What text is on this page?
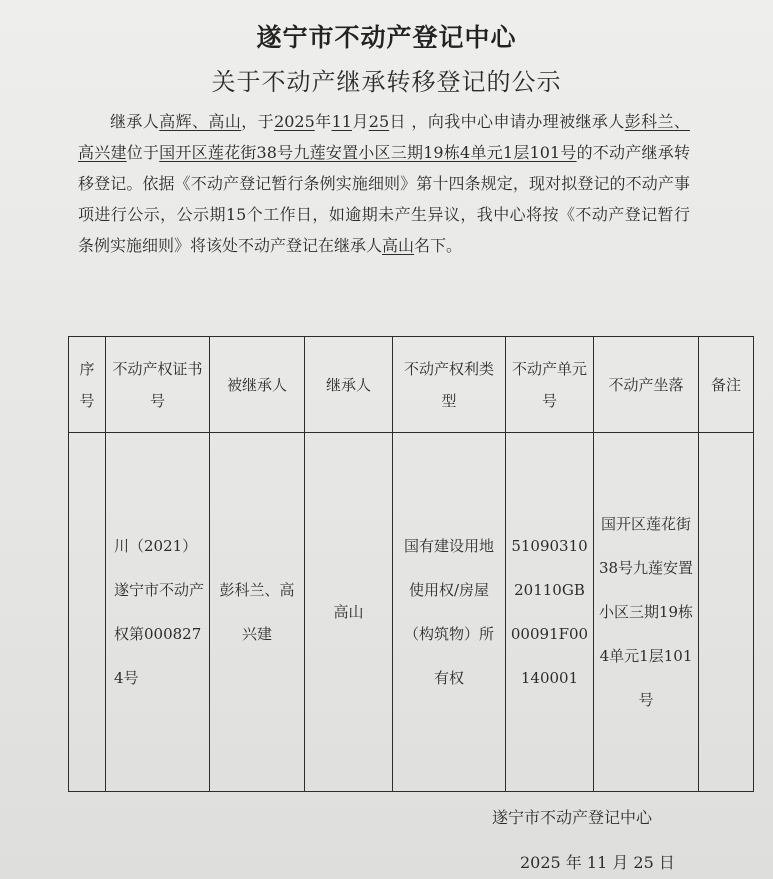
遂宁市不动产登记中心
关于不动产继承转移登记的公示
继承人高辉、高山，于2025年11月25日 ，向我中心申请办理被继承人彭科兰、高兴建位于国开区莲花街38号九莲安置小区三期19栋4单元1层101号的不动产继承转移登记。依据《不动产登记暂行条例实施细则》第十四条规定，现对拟登记的不动产事项进行公示，公示期15个工作日，如逾期未产生异议，我中心将按《不动产登记暂行条例实施细则》将该处不动产登记在继承人高山名下。
序号	不动产权证书号	被继承人	继承人	不动产权利类型	不动产单元号	不动产坐落	备注
	川（2021）遂宁市不动产权第0008274号	彭科兰、高兴建	高山	国有建设用地使用权/房屋（构筑物）所有权	5109031020110GB00091F00140001	国开区莲花街38号九莲安置小区三期19栋4单元1层101号	
遂宁市不动产登记中心
2025 年 11 月 25 日
